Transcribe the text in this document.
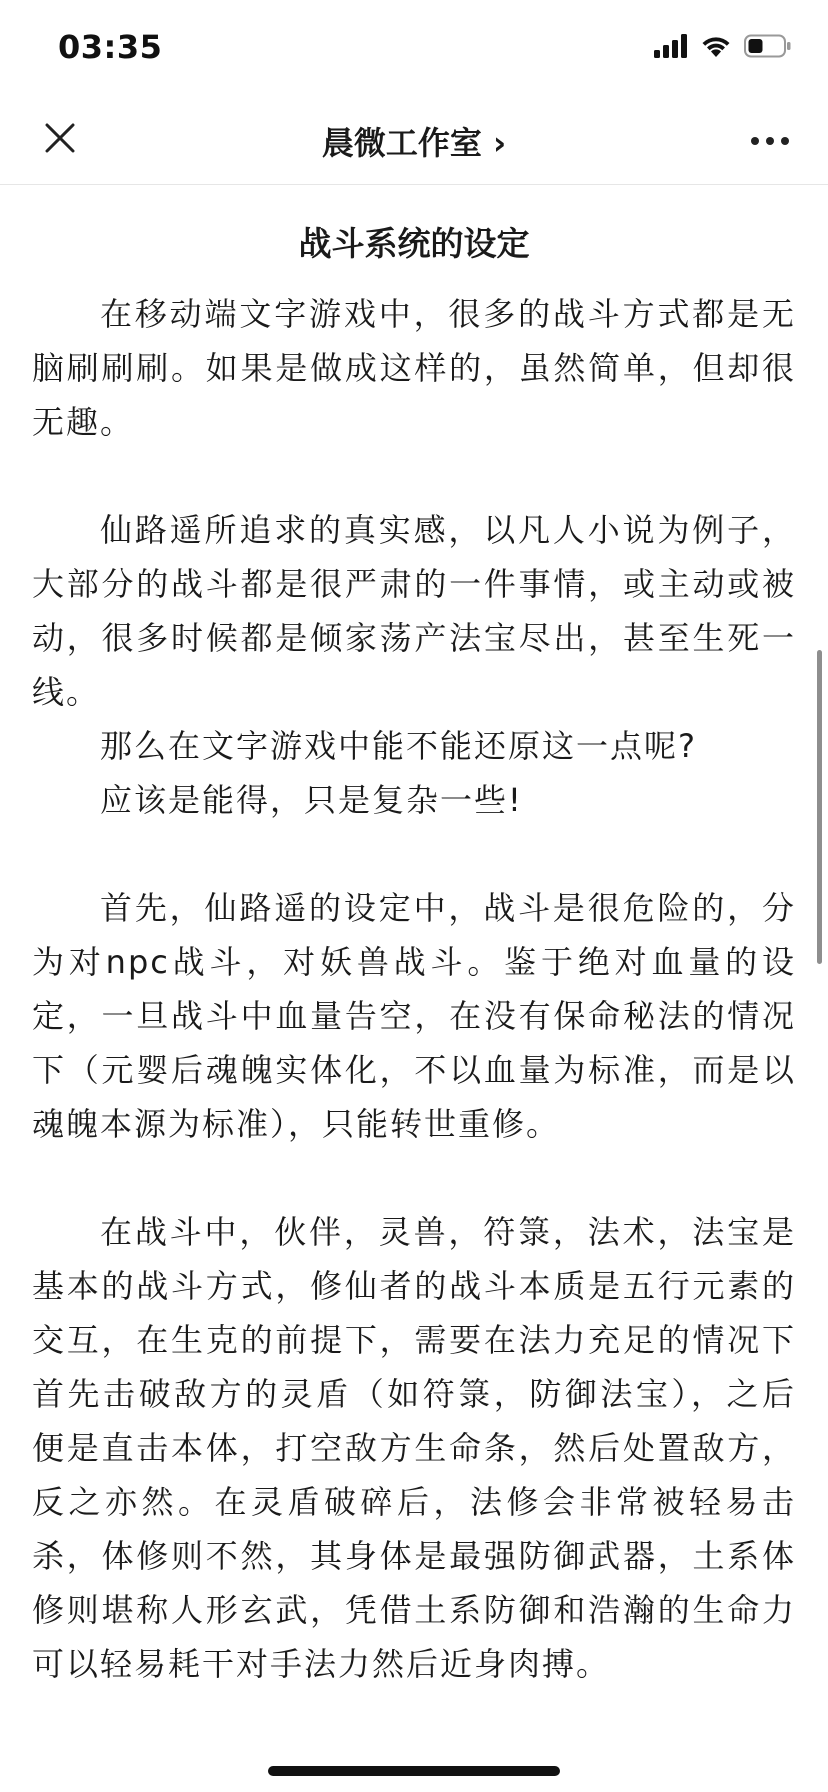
03:35
晨微工作室 ›
战斗系统的设定

在移动端文字游戏中，很多的战斗方式都是无脑刷刷刷。如果是做成这样的，虽然简单，但却很无趣。

仙路遥所追求的真实感，以凡人小说为例子，大部分的战斗都是很严肃的一件事情，或主动或被动，很多时候都是倾家荡产法宝尽出，甚至生死一线。

那么在文字游戏中能不能还原这一点呢?

应该是能得，只是复杂一些!

首先，仙路遥的设定中，战斗是很危险的，分为对npc战斗，对妖兽战斗。鉴于绝对血量的设定，一旦战斗中血量告空，在没有保命秘法的情况下（元婴后魂魄实体化，不以血量为标准，而是以魂魄本源为标准），只能转世重修。

在战斗中，伙伴，灵兽，符箓，法术，法宝是基本的战斗方式，修仙者的战斗本质是五行元素的交互，在生克的前提下，需要在法力充足的情况下首先击破敌方的灵盾（如符箓，防御法宝），之后便是直击本体，打空敌方生命条，然后处置敌方，反之亦然。在灵盾破碎后，法修会非常被轻易击杀，体修则不然，其身体是最强防御武器，土系体修则堪称人形玄武，凭借土系防御和浩瀚的生命力可以轻易耗干对手法力然后近身肉搏。
